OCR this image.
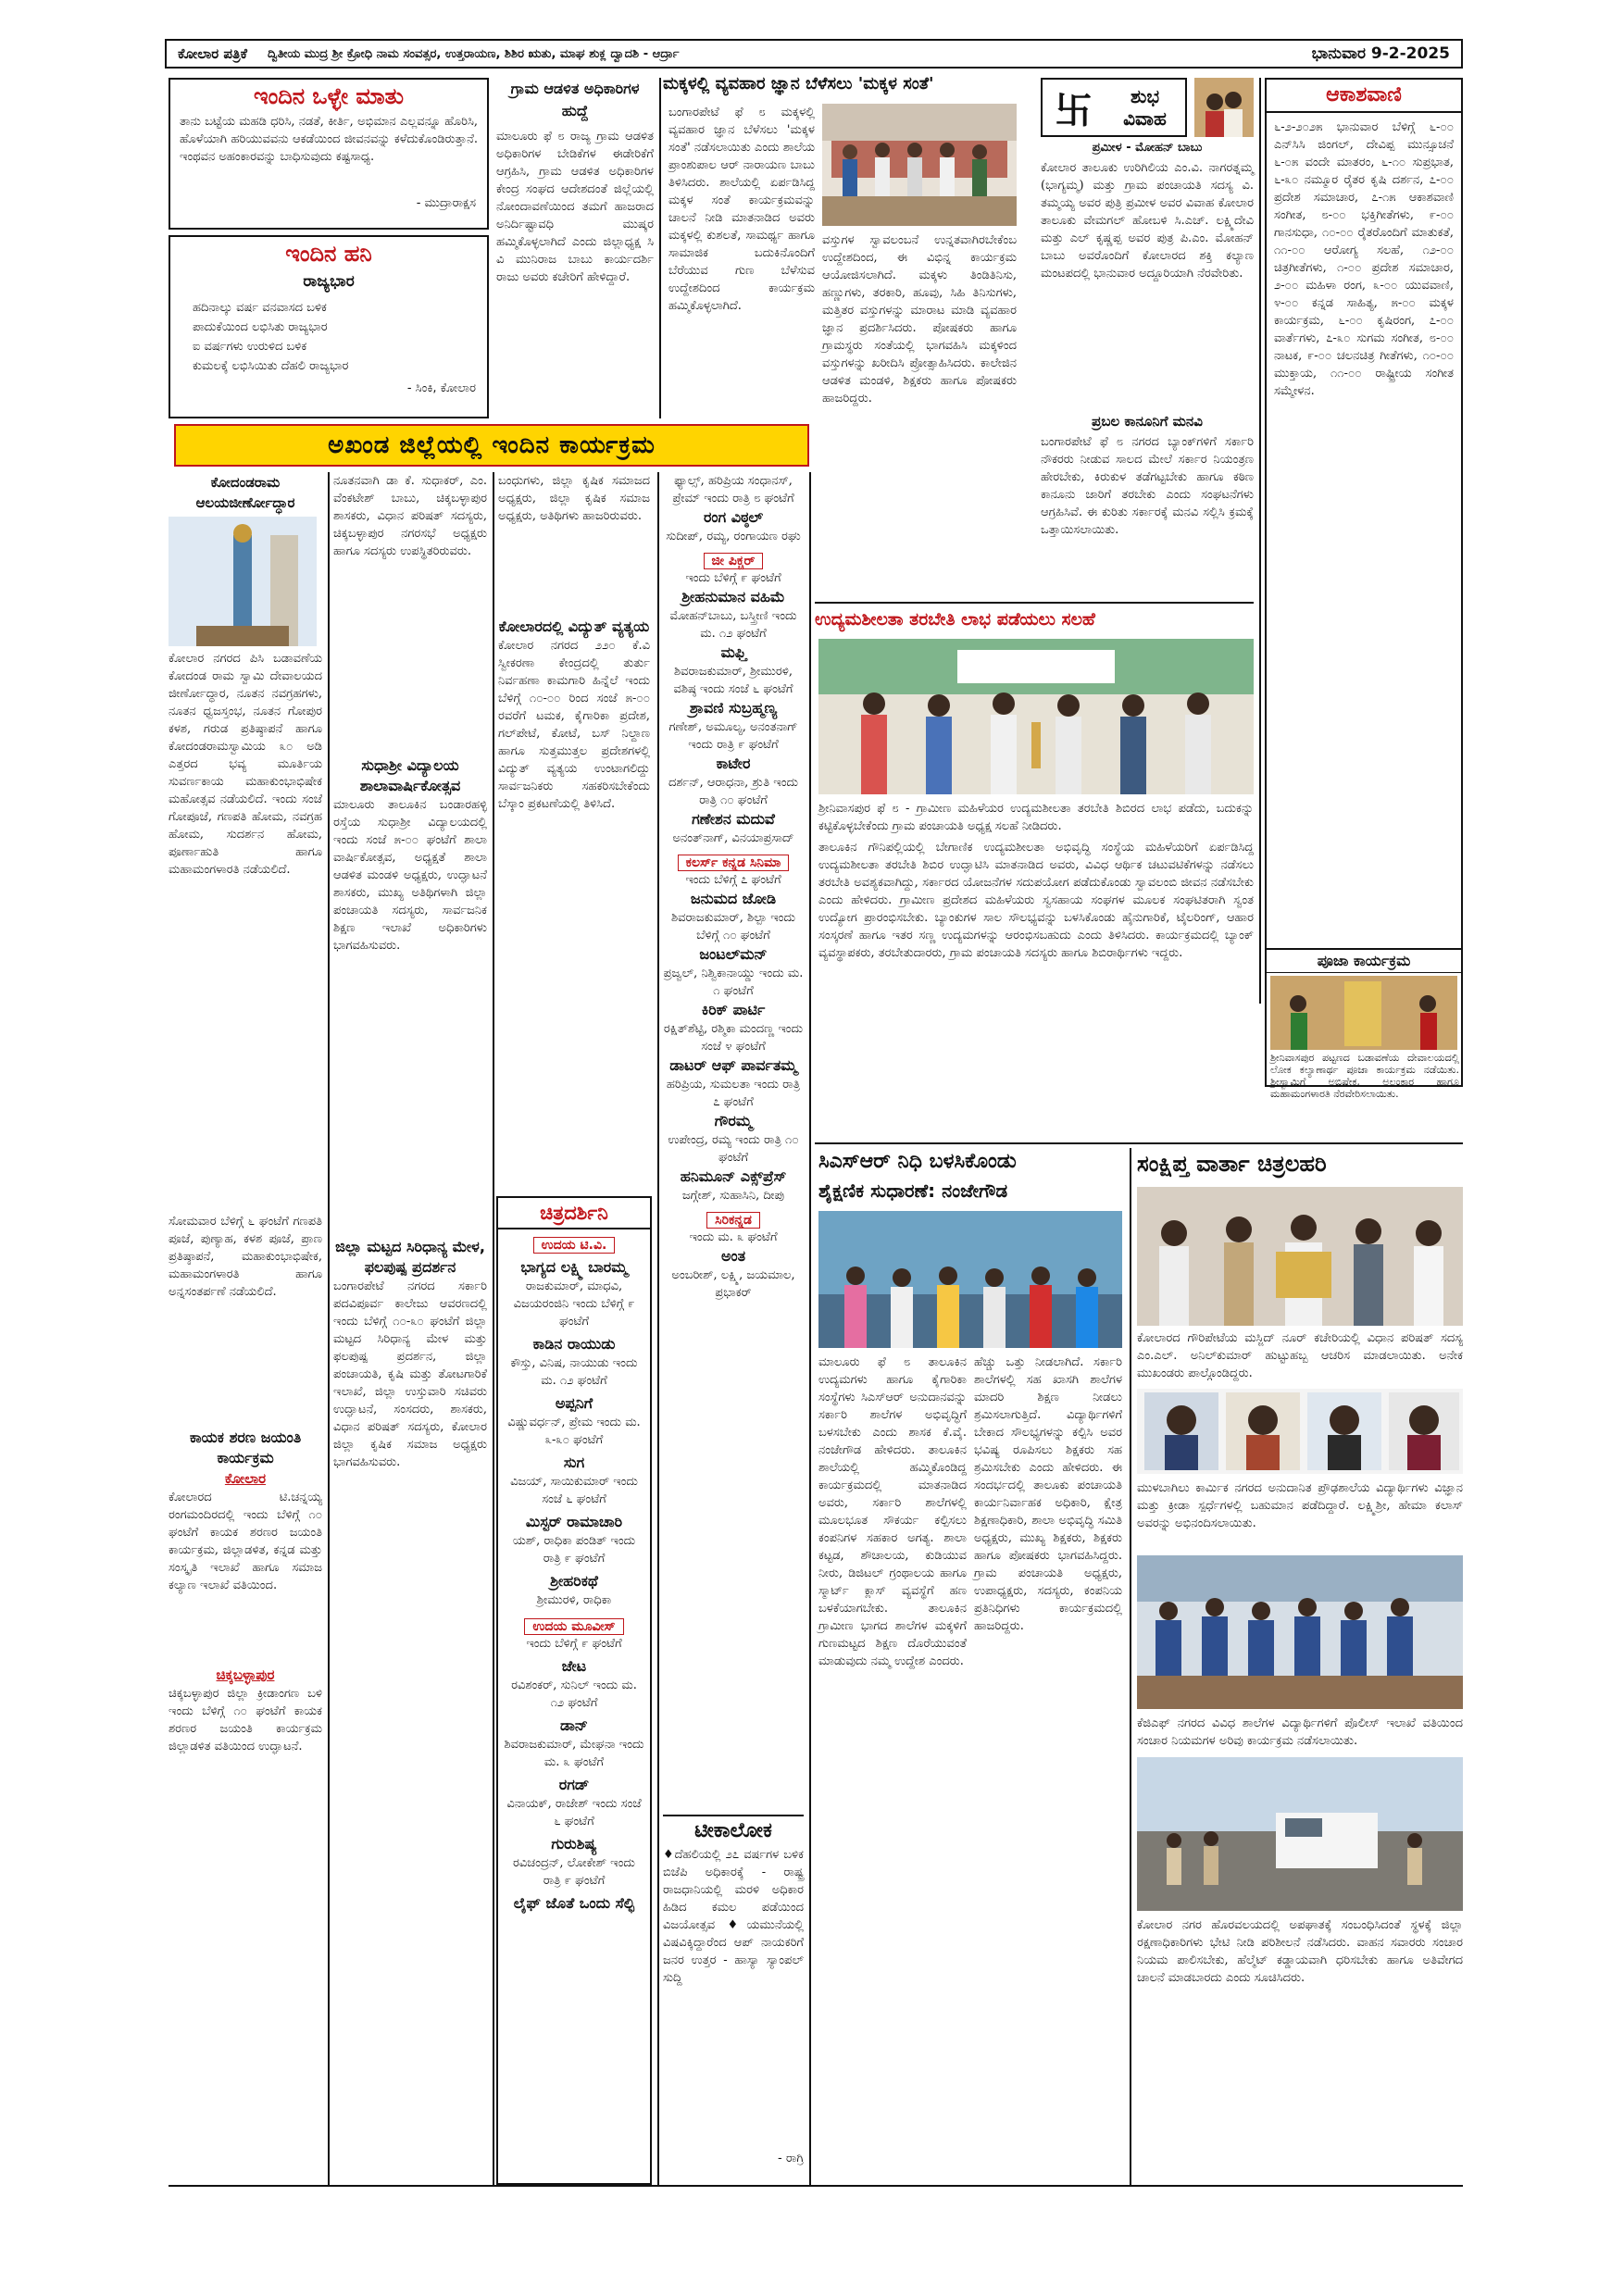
ಕೋಲಾರ ಪತ್ರಿಕೆ	ದ್ವಿತೀಯ ಮುದ್ರ ಶ್ರೀ ಕ್ರೋಧಿ ನಾಮ ಸಂವತ್ಸರ, ಉತ್ತರಾಯಣ, ಶಿಶಿರ ಋತು, ಮಾಘ ಶುಕ್ಲ ದ್ವಾದಶಿ - ಆರ್ದ್ರಾ	ಭಾನುವಾರ 9-2-2025
ಇಂದಿನ ಒಳ್ಳೇ ಮಾತು
ತಾನು ಬಟ್ಟೆಯ ಮಹಡಿ ಧರಿಸಿ, ನಡತೆ, ಕೀರ್ತಿ, ಅಭಿಮಾನ ಎಲ್ಲವನ್ನೂ ಹೊರಿಸಿ, ಹೊಳೆಯಾಗಿ ಹರಿಯುವವನು ಆಕಡೆಯಿಂದ ಜೀವನವನ್ನು ಕಳೆದುಕೊಂಡಿರುತ್ತಾನೆ. ಇಂಥವನ ಅಹಂಕಾರವನ್ನು ಬಾಧಿಸುವುದು ಕಷ್ಟಸಾಧ್ಯ.
- ಮುದ್ರಾರಾಕ್ಷಸ
ಇಂದಿನ ಹನಿ
ರಾಜ್ಯಭಾರ
ಹದಿನಾಲ್ಕು ವರ್ಷ ವನವಾಸದ ಬಳಿಕ
ಪಾದುಕೆಯಿಂದ ಲಭಿಸಿತು ರಾಜ್ಯಭಾರ
ಐ ವರ್ಷಗಳು ಉರುಳಿದ ಬಳಿಕ
ಕುಮಲಕ್ಕೆ ಲಭಿಸಿಯಿತು ದೆಹಲಿ ರಾಜ್ಯಭಾರ
- ಸಿಂಕಿ, ಕೋಲಾರ
ಗ್ರಾಮ ಆಡಳಿತ ಅಧಿಕಾರಿಗಳ ಹುದ್ದೆ
ಮಾಲೂರು ಫೆ ೮ ರಾಜ್ಯ ಗ್ರಾಮ ಆಡಳಿತ ಅಧಿಕಾರಿಗಳ ಬೇಡಿಕೆಗಳ ಈಡೇರಿಕೆಗೆ ಆಗ್ರಹಿಸಿ, ಗ್ರಾಮ ಆಡಳಿತ ಅಧಿಕಾರಿಗಳ ಕೇಂದ್ರ ಸಂಘದ ಆದೇಶದಂತೆ ಜಿಲ್ಲೆಯಲ್ಲಿ ನೋಂದಾವಣೆಯಿಂದ ತಮಗೆ ಹಾಜರಾದ ಅನಿರ್ದಿಷ್ಟಾವಧಿ ಮುಷ್ಕರ ಹಮ್ಮಿಕೊಳ್ಳಲಾಗಿದೆ ಎಂದು ಜಿಲ್ಲಾಧ್ಯಕ್ಷ ಸಿ ವಿ ಮುನಿರಾಜ ಬಾಬು ಕಾರ್ಯದರ್ಶಿ ರಾಜು ಅವರು ಕಚೇರಿಗೆ ಹೇಳಿದ್ದಾರೆ.
ಮಕ್ಕಳಲ್ಲಿ ವ್ಯವಹಾರ ಜ್ಞಾನ ಬೆಳೆಸಲು 'ಮಕ್ಕಳ ಸಂತೆ'
ಬಂಗಾರಪೇಟೆ ಫೆ ೮ ಮಕ್ಕಳಲ್ಲಿ ವ್ಯವಹಾರ ಜ್ಞಾನ ಬೆಳೆಸಲು 'ಮಕ್ಕಳ ಸಂತೆ' ನಡೆಸಲಾಯಿತು ಎಂದು ಶಾಲೆಯ ಪ್ರಾಂಶುಪಾಲ ಆರ್ ನಾರಾಯಣ ಬಾಬು ತಿಳಿಸಿದರು. ಶಾಲೆಯಲ್ಲಿ ಏರ್ಪಡಿಸಿದ್ದ ಮಕ್ಕಳ ಸಂತೆ ಕಾರ್ಯಕ್ರಮವನ್ನು ಚಾಲನೆ ನೀಡಿ ಮಾತನಾಡಿದ ಅವರು ಮಕ್ಕಳಲ್ಲಿ ಕುಶಲತೆ, ಸಾಮರ್ಥ್ಯ ಹಾಗೂ ಸಾಮಾಜಿಕ ಬದುಕಿನೊಂದಿಗೆ ಬೆರೆಯುವ ಗುಣ ಬೆಳೆಸುವ ಉದ್ದೇಶದಿಂದ ಕಾರ್ಯಕ್ರಮ ಹಮ್ಮಿಕೊಳ್ಳಲಾಗಿದೆ.
ವಸ್ತುಗಳ ಸ್ವಾವಲಂಬನೆ ಉನ್ನತವಾಗಿರಬೇಕೆಂಬ ಉದ್ದೇಶದಿಂದ, ಈ ವಿಭಿನ್ನ ಕಾರ್ಯಕ್ರಮ ಆಯೋಜಿಸಲಾಗಿದೆ. ಮಕ್ಕಳು ತಿಂಡಿತಿನಿಸು, ಹಣ್ಣುಗಳು, ತರಕಾರಿ, ಹೂವು, ಸಿಹಿ ತಿನಿಸುಗಳು, ಮತ್ತಿತರ ವಸ್ತುಗಳನ್ನು ಮಾರಾಟ ಮಾಡಿ ವ್ಯವಹಾರ ಜ್ಞಾನ ಪ್ರದರ್ಶಿಸಿದರು. ಪೋಷಕರು ಹಾಗೂ ಗ್ರಾಮಸ್ಥರು ಸಂತೆಯಲ್ಲಿ ಭಾಗವಹಿಸಿ ಮಕ್ಕಳಿಂದ ವಸ್ತುಗಳನ್ನು ಖರೀದಿಸಿ ಪ್ರೋತ್ಸಾಹಿಸಿದರು. ಕಾಲೇಜಿನ ಆಡಳಿತ ಮಂಡಳಿ, ಶಿಕ್ಷಕರು ಹಾಗೂ ಪೋಷಕರು ಹಾಜರಿದ್ದರು.
卐	ಶುಭ ವಿವಾಹ
ಪ್ರಮೀಳ - ಮೋಹನ್ ಬಾಬು
ಕೋಲಾರ ತಾಲೂಕು ಉರಿಗಿಲಿಯ ಎಂ.ವಿ. ನಾಗರತ್ನಮ್ಮ (ಭಾಗ್ಯಮ್ಮ) ಮತ್ತು ಗ್ರಾಮ ಪಂಚಾಯತಿ ಸದಸ್ಯ ವಿ. ತಮ್ಮಯ್ಯ ಅವರ ಪುತ್ರಿ ಪ್ರಮೀಳ ಅವರ ವಿವಾಹ ಕೋಲಾರ ತಾಲೂಕು ವೇಮಗಲ್ ಹೋಬಳಿ ಸಿ.ಎಚ್. ಲಕ್ಷ್ಮಿದೇವಿ ಮತ್ತು ಎಲ್ ಕೃಷ್ಣಪ್ಪ ಅವರ ಪುತ್ರ ಪಿ.ಎಂ. ಮೋಹನ್ ಬಾಬು ಅವರೊಂದಿಗೆ ಕೋಲಾರದ ಶಕ್ತಿ ಕಲ್ಯಾಣ ಮಂಟಪದಲ್ಲಿ ಭಾನುವಾರ ಅದ್ದೂರಿಯಾಗಿ ನೆರವೇರಿತು.
ಪ್ರಬಲ ಕಾನೂನಿಗೆ ಮನವಿ
ಬಂಗಾರಪೇಟೆ ಫೆ ೮ ನಗರದ ಬ್ಯಾಂಕ್‌ಗಳಿಗೆ ಸರ್ಕಾರಿ ನೌಕರರು ನೀಡುವ ಸಾಲದ ಮೇಲೆ ಸರ್ಕಾರ ನಿಯಂತ್ರಣ ಹೇರಬೇಕು, ಕಿರುಕುಳ ತಡೆಗಟ್ಟಬೇಕು ಹಾಗೂ ಕಠಿಣ ಕಾನೂನು ಜಾರಿಗೆ ತರಬೇಕು ಎಂದು ಸಂಘಟನೆಗಳು ಆಗ್ರಹಿಸಿವೆ. ಈ ಕುರಿತು ಸರ್ಕಾರಕ್ಕೆ ಮನವಿ ಸಲ್ಲಿಸಿ ಕ್ರಮಕ್ಕೆ ಒತ್ತಾಯಿಸಲಾಯಿತು.
ಆಕಾಶವಾಣಿ
೬-೨-೨೦೨೫ ಭಾನುವಾರ ಬೆಳಿಗ್ಗೆ ೬-೦೦ ಎನ್‌ಸಿಸಿ ಜಿಂಗಲ್, ದೇವಿಪ್ಪ ಮುನ್ಸೂಚನೆ ೬-೦೫ ವಂದೇ ಮಾತರಂ, ೬-೧೦ ಸುಪ್ರಭಾತ, ೬-೩೦ ನಮ್ಮೂರ ರೈತರ ಕೃಷಿ ದರ್ಶನ, ೭-೦೦ ಪ್ರದೇಶ ಸಮಾಚಾರ, ೭-೧೫ ಆಕಾಶವಾಣಿ ಸಂಗೀತ, ೮-೦೦ ಭಕ್ತಿಗೀತೆಗಳು, ೯-೦೦ ಗಾನಸುಧಾ, ೧೦-೦೦ ರೈತರೊಂದಿಗೆ ಮಾತುಕತೆ, ೧೧-೦೦ ಆರೋಗ್ಯ ಸಲಹೆ, ೧೨-೦೦ ಚಿತ್ರಗೀತೆಗಳು, ೧-೦೦ ಪ್ರದೇಶ ಸಮಾಚಾರ, ೨-೦೦ ಮಹಿಳಾ ರಂಗ, ೩-೦೦ ಯುವವಾಣಿ, ೪-೦೦ ಕನ್ನಡ ಸಾಹಿತ್ಯ, ೫-೦೦ ಮಕ್ಕಳ ಕಾರ್ಯಕ್ರಮ, ೬-೦೦ ಕೃಷಿರಂಗ, ೭-೦೦ ವಾರ್ತೆಗಳು, ೭-೩೦ ಸುಗಮ ಸಂಗೀತ, ೮-೦೦ ನಾಟಕ, ೯-೦೦ ಚಲನಚಿತ್ರ ಗೀತೆಗಳು, ೧೦-೦೦ ಮುಕ್ತಾಯ, ೧೧-೦೦ ರಾಷ್ಟ್ರೀಯ ಸಂಗೀತ ಸಮ್ಮೇಳನ.
ಅಖಂಡ ಜಿಲ್ಲೆಯಲ್ಲಿ ಇಂದಿನ ಕಾರ್ಯಕ್ರಮ
ಕೋದಂಡರಾಮ ಆಲಯಜೀರ್ಣೋದ್ಧಾರ
ಕೋಲಾರ ನಗರದ ಪಿಸಿ ಬಡಾವಣೆಯ ಕೋದಂಡ ರಾಮ ಸ್ವಾಮಿ ದೇವಾಲಯದ ಜೀರ್ಣೋದ್ಧಾರ, ನೂತನ ನವಗ್ರಹಗಳು, ನೂತನ ಧ್ವಜಸ್ತಂಭ, ನೂತನ ಗೋಪುರ ಕಳಶ, ಗರುಡ ಪ್ರತಿಷ್ಠಾಪನೆ ಹಾಗೂ ಕೋದಂಡರಾಮಸ್ವಾಮಿಯ ೩೦ ಅಡಿ ಎತ್ತರದ ಭವ್ಯ ಮೂರ್ತಿಯ ಸುವರ್ಣಕಾಯ ಮಹಾಕುಂಭಾಭಿಷೇಕ ಮಹೋತ್ಸವ ನಡೆಯಲಿದೆ. ಇಂದು ಸಂಜೆ ಗೋಪೂಜೆ, ಗಣಪತಿ ಹೋಮ, ನವಗ್ರಹ ಹೋಮ, ಸುದರ್ಶನ ಹೋಮ, ಪೂರ್ಣಾಹುತಿ ಹಾಗೂ ಮಹಾಮಂಗಳಾರತಿ ನಡೆಯಲಿದೆ.
ಸೋಮವಾರ ಬೆಳಿಗ್ಗೆ ೬ ಘಂಟೆಗೆ ಗಣಪತಿ ಪೂಜೆ, ಪುಣ್ಯಾಹ, ಕಳಶ ಪೂಜೆ, ಪ್ರಾಣ ಪ್ರತಿಷ್ಠಾಪನೆ, ಮಹಾಕುಂಭಾಭಿಷೇಕ, ಮಹಾಮಂಗಳಾರತಿ ಹಾಗೂ ಅನ್ನಸಂತರ್ಪಣೆ ನಡೆಯಲಿದೆ.
ಕಾಯಕ ಶರಣ ಜಯಂತಿ ಕಾರ್ಯಕ್ರಮ
ಕೋಲಾರ
ಕೋಲಾರದ ಟಿ.ಚನ್ನಯ್ಯ ರಂಗಮಂದಿರದಲ್ಲಿ ಇಂದು ಬೆಳಿಗ್ಗೆ ೧೦ ಘಂಟೆಗೆ ಕಾಯಕ ಶರಣರ ಜಯಂತಿ ಕಾರ್ಯಕ್ರಮ, ಜಿಲ್ಲಾಡಳಿತ, ಕನ್ನಡ ಮತ್ತು ಸಂಸ್ಕೃತಿ ಇಲಾಖೆ ಹಾಗೂ ಸಮಾಜ ಕಲ್ಯಾಣ ಇಲಾಖೆ ವತಿಯಿಂದ.
ಚಿಕ್ಕಬಳ್ಳಾಪುರ
ಚಿಕ್ಕಬಳ್ಳಾಪುರ ಜಿಲ್ಲಾ ಕ್ರೀಡಾಂಗಣ ಬಳಿ ಇಂದು ಬೆಳಿಗ್ಗೆ ೧೦ ಘಂಟೆಗೆ ಕಾಯಕ ಶರಣರ ಜಯಂತಿ ಕಾರ್ಯಕ್ರಮ ಜಿಲ್ಲಾಡಳಿತ ವತಿಯಿಂದ ಉದ್ಘಾಟನೆ.
ನೂತನವಾಗಿ ಡಾ ಕೆ. ಸುಧಾಕರ್, ಎಂ. ವೆಂಕಟೇಶ್ ಬಾಬು, ಚಿಕ್ಕಬಳ್ಳಾಪುರ ಶಾಸಕರು, ವಿಧಾನ ಪರಿಷತ್ ಸದಸ್ಯರು, ಚಿಕ್ಕಬಳ್ಳಾಪುರ ನಗರಸಭೆ ಅಧ್ಯಕ್ಷರು ಹಾಗೂ ಸದಸ್ಯರು ಉಪಸ್ಥಿತರಿರುವರು.
ಸುಧಾಶ್ರೀ ವಿದ್ಯಾಲಯ ಶಾಲಾವಾರ್ಷಿಕೋತ್ಸವ
ಮಾಲೂರು ತಾಲೂಕಿನ ಬಂಡಾರಹಳ್ಳಿ ರಸ್ತೆಯ ಸುಧಾಶ್ರೀ ವಿದ್ಯಾಲಯದಲ್ಲಿ ಇಂದು ಸಂಜೆ ೫-೦೦ ಘಂಟೆಗೆ ಶಾಲಾ ವಾರ್ಷಿಕೋತ್ಸವ, ಅಧ್ಯಕ್ಷತೆ ಶಾಲಾ ಆಡಳಿತ ಮಂಡಳಿ ಅಧ್ಯಕ್ಷರು, ಉದ್ಘಾಟನೆ ಶಾಸಕರು, ಮುಖ್ಯ ಅತಿಥಿಗಳಾಗಿ ಜಿಲ್ಲಾ ಪಂಚಾಯತಿ ಸದಸ್ಯರು, ಸಾರ್ವಜನಿಕ ಶಿಕ್ಷಣ ಇಲಾಖೆ ಅಧಿಕಾರಿಗಳು ಭಾಗವಹಿಸುವರು.
ಜಿಲ್ಲಾ ಮಟ್ಟದ ಸಿರಿಧಾನ್ಯ ಮೇಳ, ಫಲಪುಷ್ಪ ಪ್ರದರ್ಶನ
ಬಂಗಾರಪೇಟೆ ನಗರದ ಸರ್ಕಾರಿ ಪದವಿಪೂರ್ವ ಕಾಲೇಜು ಆವರಣದಲ್ಲಿ ಇಂದು ಬೆಳಿಗ್ಗೆ ೧೦-೩೦ ಘಂಟೆಗೆ ಜಿಲ್ಲಾ ಮಟ್ಟದ ಸಿರಿಧಾನ್ಯ ಮೇಳ ಮತ್ತು ಫಲಪುಷ್ಪ ಪ್ರದರ್ಶನ, ಜಿಲ್ಲಾ ಪಂಚಾಯತಿ, ಕೃಷಿ ಮತ್ತು ತೋಟಗಾರಿಕೆ ಇಲಾಖೆ, ಜಿಲ್ಲಾ ಉಸ್ತುವಾರಿ ಸಚಿವರು ಉದ್ಘಾಟನೆ, ಸಂಸದರು, ಶಾಸಕರು, ವಿಧಾನ ಪರಿಷತ್ ಸದಸ್ಯರು, ಕೋಲಾರ ಜಿಲ್ಲಾ ಕೃಷಿಕ ಸಮಾಜ ಅಧ್ಯಕ್ಷರು ಭಾಗವಹಿಸುವರು.
ಬಂಧುಗಳು, ಜಿಲ್ಲಾ ಕೃಷಿಕ ಸಮಾಜದ ಅಧ್ಯಕ್ಷರು, ಜಿಲ್ಲಾ ಕೃಷಿಕ ಸಮಾಜ ಅಧ್ಯಕ್ಷರು, ಅತಿಥಿಗಳು ಹಾಜರಿರುವರು.
ಕೋಲಾರದಲ್ಲಿ ವಿದ್ಯುತ್ ವ್ಯತ್ಯಯ
ಕೋಲಾರ ನಗರದ ೨೨೦ ಕೆ.ವಿ ಸ್ವೀಕರಣಾ ಕೇಂದ್ರದಲ್ಲಿ ತುರ್ತು ನಿರ್ವಹಣಾ ಕಾಮಗಾರಿ ಹಿನ್ನೆಲೆ ಇಂದು ಬೆಳಿಗ್ಗೆ ೧೦-೦೦ ರಿಂದ ಸಂಜೆ ೫-೦೦ ರವರೆಗೆ ಟಮಕ, ಕೈಗಾರಿಕಾ ಪ್ರದೇಶ, ಗಲ್‌ಪೇಟೆ, ಕೋಟೆ, ಬಸ್ ನಿಲ್ದಾಣ ಹಾಗೂ ಸುತ್ತಮುತ್ತಲ ಪ್ರದೇಶಗಳಲ್ಲಿ ವಿದ್ಯುತ್ ವ್ಯತ್ಯಯ ಉಂಟಾಗಲಿದ್ದು ಸಾರ್ವಜನಿಕರು ಸಹಕರಿಸಬೇಕೆಂದು ಬೆಸ್ಕಾಂ ಪ್ರಕಟಣೆಯಲ್ಲಿ ತಿಳಿಸಿದೆ.
ಚಿತ್ರದರ್ಶಿನಿ
ಉದಯ ಟಿ.ವಿ.
ಭಾಗ್ಯದ ಲಕ್ಷ್ಮಿ ಬಾರಮ್ಮ
ರಾಜಕುಮಾರ್, ಮಾಧವಿ, ವಿಜಯರಂಜಿನಿ ಇಂದು ಬೆಳಿಗ್ಗೆ ೯ ಘಂಟೆಗೆ
ಕಾಡಿನ ರಾಯುಡು
ಕೌಸ್ತು, ವಿನಿಷ, ನಾಯುಡು ಇಂದು ಮ. ೧೨ ಘಂಟೆಗೆ
ಅಪ್ಪನಿಗೆ
ವಿಷ್ಣುವರ್ಧನ್, ಪ್ರೇಮ ಇಂದು ಮ. ೩-೩೦ ಘಂಟೆಗೆ
ಸುಗ
ವಿಜಯ್, ಸಾಯಿಕುಮಾರ್ ಇಂದು ಸಂಜೆ ೬ ಘಂಟೆಗೆ
ಮಿಸ್ಟರ್ ರಾಮಾಚಾರಿ
ಯಶ್, ರಾಧಿಕಾ ಪಂಡಿತ್ ಇಂದು ರಾತ್ರಿ ೯ ಘಂಟೆಗೆ
ಶ್ರೀಹರಿಕಥೆ
ಶ್ರೀಮುರಳಿ, ರಾಧಿಕಾ
ಉದಯ ಮೂವೀಸ್
ಇಂದು ಬೆಳಿಗ್ಗೆ ೯ ಘಂಟೆಗೆ
ಜೇಟ
ರವಿಶಂಕರ್, ಸುನಿಲ್ ಇಂದು ಮ. ೧೨ ಘಂಟೆಗೆ
ಡಾನ್
ಶಿವರಾಜಕುಮಾರ್, ಮೇಘನಾ ಇಂದು ಮ. ೩ ಘಂಟೆಗೆ
ರಗಡ್
ವಿನಾಯಕ್, ರಾಜೇಶ್ ಇಂದು ಸಂಜೆ ೬ ಘಂಟೆಗೆ
ಗುರುಶಿಷ್ಯ
ರವಿಚಂದ್ರನ್, ಲೋಕೇಶ್ ಇಂದು ರಾತ್ರಿ ೯ ಘಂಟೆಗೆ
ಲೈಫ್ ಜೊತೆ ಒಂದು ಸೆಲ್ಫಿ
ಫ್ಯಾಲ್ಸ್, ಹರಿಪ್ರಿಯ ಸಂಧಾನಸ್, ಪ್ರೇಮ್ ಇಂದು ರಾತ್ರಿ ೮ ಘಂಟೆಗೆ
ರಂಗ ವಿಠ್ಠಲ್
ಸುದೀಪ್, ರಮ್ಯ, ರಂಗಾಯಣ ರಘು
ಜೀ ಪಿಕ್ಚರ್
ಇಂದು ಬೆಳಿಗ್ಗೆ ೯ ಘಂಟೆಗೆ
ಶ್ರೀಹನುಮಾನ ವಹಿಮೆ
ಮೋಹನ್‌ಬಾಬು, ಬಸ್ತ್ರೀಣಿ ಇಂದು ಮ. ೧೨ ಘಂಟೆಗೆ
ಮಫ್ತಿ
ಶಿವರಾಜಕುಮಾರ್, ಶ್ರೀಮುರಳಿ, ವಶಿಷ್ಠ ಇಂದು ಸಂಜೆ ೬ ಘಂಟೆಗೆ
ಶ್ರಾವಣಿ ಸುಬ್ರಹ್ಮಣ್ಯ
ಗಣೇಶ್, ಅಮೂಲ್ಯ, ಅನಂತನಾಗ್ ಇಂದು ರಾತ್ರಿ ೯ ಘಂಟೆಗೆ
ಕಾಟೇರ
ದರ್ಶನ್, ಆರಾಧನಾ, ಶ್ರುತಿ ಇಂದು ರಾತ್ರಿ ೧೦ ಘಂಟೆಗೆ
ಗಣೇಶನ ಮದುವೆ
ಅನಂತ್‌ನಾಗ್, ವಿನಯಾಪ್ರಸಾದ್
ಕಲರ್ಸ್ ಕನ್ನಡ ಸಿನಿಮಾ
ಇಂದು ಬೆಳಿಗ್ಗೆ ೭ ಘಂಟೆಗೆ
ಜನುಮದ ಜೋಡಿ
ಶಿವರಾಜಕುಮಾರ್, ಶಿಲ್ಪಾ ಇಂದು ಬೆಳಿಗ್ಗೆ ೧೦ ಘಂಟೆಗೆ
ಜಂಟಲ್‌ಮನ್
ಪ್ರಜ್ವಲ್, ನಿಶ್ವಿಕಾನಾಯ್ಡು ಇಂದು ಮ. ೧ ಘಂಟೆಗೆ
ಕಿರಿಕ್ ಪಾರ್ಟಿ
ರಕ್ಷಿತ್‌ಶೆಟ್ಟಿ, ರಶ್ಮಿಕಾ ಮಂದಣ್ಣ ಇಂದು ಸಂಜೆ ೪ ಘಂಟೆಗೆ
ಡಾಟರ್ ಆಫ್ ಪಾರ್ವತಮ್ಮ
ಹರಿಪ್ರಿಯ, ಸುಮಲತಾ ಇಂದು ರಾತ್ರಿ ೭ ಘಂಟೆಗೆ
ಗೌರಮ್ಮ
ಉಪೇಂದ್ರ, ರಮ್ಯ ಇಂದು ರಾತ್ರಿ ೧೦ ಘಂಟೆಗೆ
ಹನಿಮೂನ್ ಎಕ್ಸ್‌ಪ್ರೆಸ್
ಜಗ್ಗೇಶ್, ಸುಹಾಸಿನಿ, ದೀಪು
ಸಿರಿಕನ್ನಡ
ಇಂದು ಮ. ೩ ಘಂಟೆಗೆ
ಅಂತ
ಅಂಬರೀಶ್, ಲಕ್ಷ್ಮಿ, ಜಯಮಾಲ, ಪ್ರಭಾಕರ್
ಟೀಕಾಲೋಕ
♦ದೆಹಲಿಯಲ್ಲಿ ೨೭ ವರ್ಷಗಳ ಬಳಿಕ ಬಿಜೆಪಿ ಅಧಿಕಾರಕ್ಕೆ - ರಾಷ್ಟ್ರ ರಾಜಧಾನಿಯಲ್ಲಿ ಮರಳಿ ಅಧಿಕಾರ ಹಿಡಿದ ಕಮಲ ಪಡೆಯಿಂದ ವಿಜಯೋತ್ಸವ ♦ಯಮುನೆಯಲ್ಲಿ ವಿಷವಿಕ್ಕಿದ್ದಾರೆಂದ ಆಪ್ ನಾಯಕರಿಗೆ ಜನರ ಉತ್ತರ - ಹಾಸ್ಯಾ ಸ್ಯಾಂಪಲ್ ಸುದ್ದಿ
- ರಾಗ್ರಿ
ಉದ್ಯಮಶೀಲತಾ ತರಬೇತಿ ಲಾಭ ಪಡೆಯಲು ಸಲಹೆ
ಶ್ರೀನಿವಾಸಪುರ ಫೆ ೮ - ಗ್ರಾಮೀಣ ಮಹಿಳೆಯರ ಉದ್ಯಮಶೀಲತಾ ತರಬೇತಿ ಶಿಬಿರದ ಲಾಭ ಪಡೆದು, ಬದುಕನ್ನು ಕಟ್ಟಿಕೊಳ್ಳಬೇಕೆಂದು ಗ್ರಾಮ ಪಂಚಾಯತಿ ಅಧ್ಯಕ್ಷ ಸಲಹೆ ನೀಡಿದರು.
ತಾಲೂಕಿನ ಗೌನಿಪಲ್ಲಿಯಲ್ಲಿ ಬೇಗಾಣಿಕ ಉದ್ಯಮಶೀಲತಾ ಅಭಿವೃದ್ಧಿ ಸಂಸ್ಥೆಯ ಮಹಿಳೆಯರಿಗೆ ಏರ್ಪಡಿಸಿದ್ದ ಉದ್ಯಮಶೀಲತಾ ತರಬೇತಿ ಶಿಬಿರ ಉದ್ಘಾಟಿಸಿ ಮಾತನಾಡಿದ ಅವರು, ವಿವಿಧ ಆರ್ಥಿಕ ಚಟುವಟಿಕೆಗಳನ್ನು ನಡೆಸಲು ತರಬೇತಿ ಅವಶ್ಯಕವಾಗಿದ್ದು, ಸರ್ಕಾರದ ಯೋಜನೆಗಳ ಸದುಪಯೋಗ ಪಡೆದುಕೊಂಡು ಸ್ವಾವಲಂಬಿ ಜೀವನ ನಡೆಸಬೇಕು ಎಂದು ಹೇಳಿದರು. ಗ್ರಾಮೀಣ ಪ್ರದೇಶದ ಮಹಿಳೆಯರು ಸ್ವಸಹಾಯ ಸಂಘಗಳ ಮೂಲಕ ಸಂಘಟಿತರಾಗಿ ಸ್ವಂತ ಉದ್ಯೋಗ ಪ್ರಾರಂಭಿಸಬೇಕು. ಬ್ಯಾಂಕುಗಳ ಸಾಲ ಸೌಲಭ್ಯವನ್ನು ಬಳಸಿಕೊಂಡು ಹೈನುಗಾರಿಕೆ, ಟೈಲರಿಂಗ್, ಆಹಾರ ಸಂಸ್ಕರಣೆ ಹಾಗೂ ಇತರ ಸಣ್ಣ ಉದ್ಯಮಗಳನ್ನು ಆರಂಭಿಸಬಹುದು ಎಂದು ತಿಳಿಸಿದರು. ಕಾರ್ಯಕ್ರಮದಲ್ಲಿ ಬ್ಯಾಂಕ್ ವ್ಯವಸ್ಥಾಪಕರು, ತರಬೇತುದಾರರು, ಗ್ರಾಮ ಪಂಚಾಯತಿ ಸದಸ್ಯರು ಹಾಗೂ ಶಿಬಿರಾರ್ಥಿಗಳು ಇದ್ದರು.	ಪೂಜಾ ಕಾರ್ಯಕ್ರಮ
ಶ್ರೀನಿವಾಸಪುರ ಪಟ್ಟಣದ ಬಡಾವಣೆಯ ದೇವಾಲಯದಲ್ಲಿ ಲೋಕ ಕಲ್ಯಾಣಾರ್ಥ ಪೂಜಾ ಕಾರ್ಯಕ್ರಮ ನಡೆಯಿತು. ಶ್ರೀಸ್ವಾಮಿಗೆ ಅಭಿಷೇಕ, ಅಲಂಕಾರ ಹಾಗೂ ಮಹಾಮಂಗಳಾರತಿ ನೆರವೇರಿಸಲಾಯಿತು.
ಸಿಎಸ್‌ಆರ್ ನಿಧಿ ಬಳಸಿಕೊಂಡು
ಶೈಕ್ಷಣಿಕ ಸುಧಾರಣೆ: ನಂಜೇಗೌಡ
ಮಾಲೂರು ಫೆ ೮ ತಾಲೂಕಿನ ಉದ್ಯಮಗಳು ಹಾಗೂ ಕೈಗಾರಿಕಾ ಸಂಸ್ಥೆಗಳು ಸಿಎಸ್‌ಆರ್ ಅನುದಾನವನ್ನು ಸರ್ಕಾರಿ ಶಾಲೆಗಳ ಅಭಿವೃದ್ಧಿಗೆ ಬಳಸಬೇಕು ಎಂದು ಶಾಸಕ ಕೆ.ವೈ. ನಂಜೇಗೌಡ ಹೇಳಿದರು. ತಾಲೂಕಿನ ಶಾಲೆಯಲ್ಲಿ ಹಮ್ಮಿಕೊಂಡಿದ್ದ ಕಾರ್ಯಕ್ರಮದಲ್ಲಿ ಮಾತನಾಡಿದ ಅವರು, ಸರ್ಕಾರಿ ಶಾಲೆಗಳಲ್ಲಿ ಮೂಲಭೂತ ಸೌಕರ್ಯ ಕಲ್ಪಿಸಲು ಕಂಪನಿಗಳ ಸಹಕಾರ ಅಗತ್ಯ. ಶಾಲಾ ಕಟ್ಟಡ, ಶೌಚಾಲಯ, ಕುಡಿಯುವ ನೀರು, ಡಿಜಿಟಲ್ ಗ್ರಂಥಾಲಯ ಹಾಗೂ ಸ್ಮಾರ್ಟ್ ಕ್ಲಾಸ್ ವ್ಯವಸ್ಥೆಗೆ ಹಣ ಬಳಕೆಯಾಗಬೇಕು. ತಾಲೂಕಿನ ಗ್ರಾಮೀಣ ಭಾಗದ ಶಾಲೆಗಳ ಮಕ್ಕಳಿಗೆ ಗುಣಮಟ್ಟದ ಶಿಕ್ಷಣ ದೊರೆಯುವಂತೆ ಮಾಡುವುದು ನಮ್ಮ ಉದ್ದೇಶ ಎಂದರು.
ಹೆಚ್ಚು ಒತ್ತು ನೀಡಲಾಗಿದೆ. ಸರ್ಕಾರಿ ಶಾಲೆಗಳಲ್ಲಿ ಸಹ ಖಾಸಗಿ ಶಾಲೆಗಳ ಮಾದರಿ ಶಿಕ್ಷಣ ನೀಡಲು ಶ್ರಮಿಸಲಾಗುತ್ತಿದೆ. ವಿದ್ಯಾರ್ಥಿಗಳಿಗೆ ಬೇಕಾದ ಸೌಲಭ್ಯಗಳನ್ನು ಕಲ್ಪಿಸಿ ಅವರ ಭವಿಷ್ಯ ರೂಪಿಸಲು ಶಿಕ್ಷಕರು ಸಹ ಶ್ರಮಿಸಬೇಕು ಎಂದು ಹೇಳಿದರು. ಈ ಸಂದರ್ಭದಲ್ಲಿ ತಾಲೂಕು ಪಂಚಾಯತಿ ಕಾರ್ಯನಿರ್ವಾಹಕ ಅಧಿಕಾರಿ, ಕ್ಷೇತ್ರ ಶಿಕ್ಷಣಾಧಿಕಾರಿ, ಶಾಲಾ ಅಭಿವೃದ್ಧಿ ಸಮಿತಿ ಅಧ್ಯಕ್ಷರು, ಮುಖ್ಯ ಶಿಕ್ಷಕರು, ಶಿಕ್ಷಕರು ಹಾಗೂ ಪೋಷಕರು ಭಾಗವಹಿಸಿದ್ದರು. ಗ್ರಾಮ ಪಂಚಾಯತಿ ಅಧ್ಯಕ್ಷರು, ಉಪಾಧ್ಯಕ್ಷರು, ಸದಸ್ಯರು, ಕಂಪನಿಯ ಪ್ರತಿನಿಧಿಗಳು ಕಾರ್ಯಕ್ರಮದಲ್ಲಿ ಹಾಜರಿದ್ದರು.
ಸಂಕ್ಷಿಪ್ತ ವಾರ್ತಾ ಚಿತ್ರಲಹರಿ
ಕೋಲಾರದ ಗೌರಿಪೇಟೆಯ ಮಸ್ಜಿದ್ ನೂರ್ ಕಚೇರಿಯಲ್ಲಿ ವಿಧಾನ ಪರಿಷತ್ ಸದಸ್ಯ ಎಂ.ಎಲ್. ಅನಿಲ್‌ಕುಮಾರ್ ಹುಟ್ಟುಹಬ್ಬ ಆಚರಿಸ ಮಾಡಲಾಯಿತು. ಅನೇಕ ಮುಖಂಡರು ಪಾಲ್ಗೊಂಡಿದ್ದರು.
ಮುಳಬಾಗಿಲು ಕಾರ್ಮಿಕ ನಗರದ ಅನುದಾನಿತ ಪ್ರೌಢಶಾಲೆಯ ವಿದ್ಯಾರ್ಥಿಗಳು ವಿಜ್ಞಾನ ಮತ್ತು ಕ್ರೀಡಾ ಸ್ಪರ್ಧೆಗಳಲ್ಲಿ ಬಹುಮಾನ ಪಡೆದಿದ್ದಾರೆ. ಲಕ್ಷ್ಮಿಶ್ರೀ, ಹೇಮಾ ಕಲಾಸ್ ಅವರನ್ನು ಅಭಿನಂದಿಸಲಾಯಿತು.
ಕೆಜಿಎಫ್ ನಗರದ ವಿವಿಧ ಶಾಲೆಗಳ ವಿದ್ಯಾರ್ಥಿಗಳಿಗೆ ಪೊಲೀಸ್ ಇಲಾಖೆ ವತಿಯಿಂದ ಸಂಚಾರ ನಿಯಮಗಳ ಅರಿವು ಕಾರ್ಯಕ್ರಮ ನಡೆಸಲಾಯಿತು.
ಕೋಲಾರ ನಗರ ಹೊರವಲಯದಲ್ಲಿ ಅಪಘಾತಕ್ಕೆ ಸಂಬಂಧಿಸಿದಂತೆ ಸ್ಥಳಕ್ಕೆ ಜಿಲ್ಲಾ ರಕ್ಷಣಾಧಿಕಾರಿಗಳು ಭೇಟಿ ನೀಡಿ ಪರಿಶೀಲನೆ ನಡೆಸಿದರು. ವಾಹನ ಸವಾರರು ಸಂಚಾರ ನಿಯಮ ಪಾಲಿಸಬೇಕು, ಹೆಲ್ಮೆಟ್ ಕಡ್ಡಾಯವಾಗಿ ಧರಿಸಬೇಕು ಹಾಗೂ ಅತಿವೇಗದ ಚಾಲನೆ ಮಾಡಬಾರದು ಎಂದು ಸೂಚಿಸಿದರು.
